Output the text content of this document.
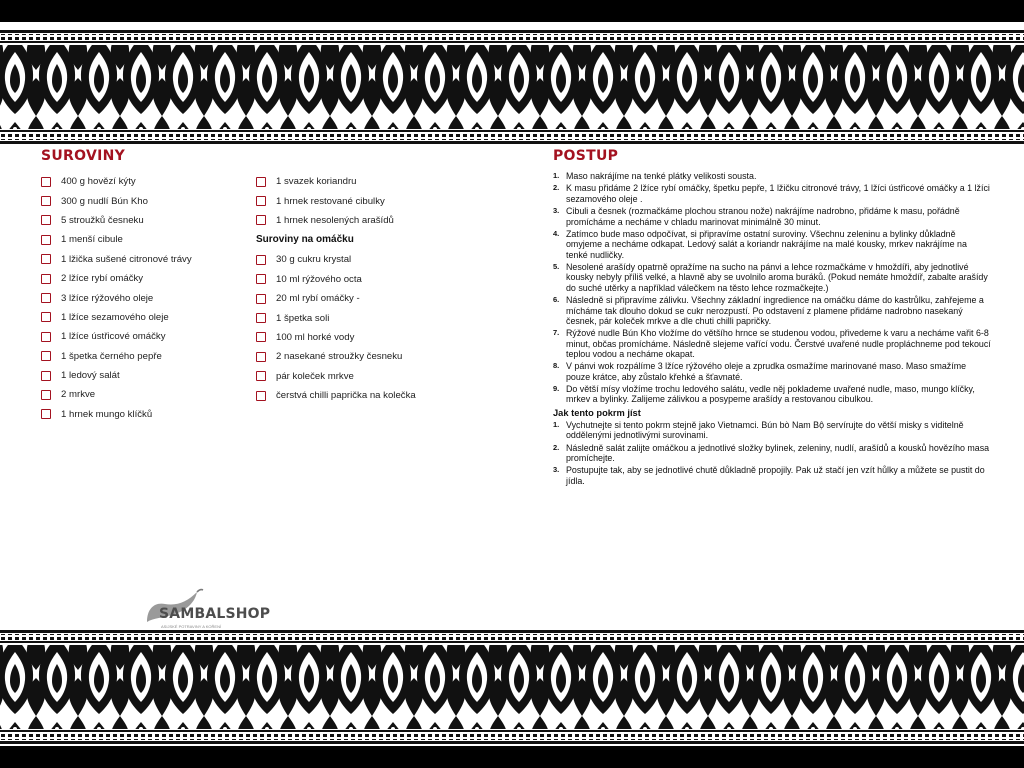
SUROVINY
400 g hovězí kýty
300 g nudlí Bún Kho
5 stroužků česneku
1 menší cibule
1 lžička sušené citronové trávy
2 lžíce rybí omáčky
3 lžíce rýžového oleje
1 lžíce sezamového oleje
1 lžíce ústřicové omáčky
1 špetka černého pepře
1 ledový salát
2 mrkve
1 hrnek mungo klíčků
1 svazek koriandru
1 hrnek restované cibulky
1 hrnek nesolených arašídů
Suroviny na omáčku
30 g cukru krystal
10 ml rýžového octa
20 ml rybí omáčky -
1 špetka soli
100 ml horké vody
2 nasekané stroužky česneku
pár koleček mrkve
čerstvá chilli paprička na kolečka
POSTUP
1. Maso nakrájíme na tenké plátky velikosti sousta.
2. K masu přidáme 2 lžíce rybí omáčky, špetku pepře, 1 lžičku citronové trávy, 1 lžíci ústřicové omáčky a 1 lžíci sezamového oleje .
3. Cibuli a česnek (rozmačkáme plochou stranou nože) nakrájíme nadrobno, přidáme k masu, pořádně promícháme a necháme v chladu marinovat minimálně 30 minut.
4. Zatímco bude maso odpočívat, si připravíme ostatní suroviny. Všechnu zeleninu a bylinky důkladně omyjeme a necháme odkapat. Ledový salát a koriandr nakrájíme na malé kousky, mrkev nakrájíme na tenké nudličky.
5. Nesolené arašídy opatrně opražíme na sucho na pánvi a lehce rozmačkáme v hmoždíři, aby jednotlivé kousky nebyly příliš velké, a hlavně aby se uvolnilo aroma buráků. (Pokud nemáte hmoždíř, zabalte arašídy do suché utěrky a například válečkem na těsto lehce rozmačkejte.)
6. Následně si připravíme zálivku. Všechny základní ingredience na omáčku dáme do kastrůlku, zahřejeme a mícháme tak dlouho dokud se cukr nerozpustí. Po odstavení z plamene přidáme nadrobno nasekaný česnek, pár koleček mrkve a dle chuti chilli papričky.
7. Rýžové nudle Bún Kho vložíme do většího hrnce se studenou vodou, přivedeme k varu a necháme vařit 6-8 minut, občas promícháme. Následně slejeme vařící vodu. Čerstvé uvařené nudle propláchneme pod tekoucí teplou vodou a necháme okapat.
8. V pánvi wok rozpálíme 3 lžíce rýžového oleje a zprudka osmažíme marinované maso. Maso smažíme pouze krátce, aby zůstalo křehké a šťavnaté.
9. Do větší mísy vložíme trochu ledového salátu, vedle něj poklademe uvařené nudle, maso, mungo klíčky, mrkev a bylinky. Zalijeme zálivkou a posypeme arašídy a restovanou cibulkou.
Jak tento pokrm jíst
1. Vychutnejte si tento pokrm stejně jako Vietnamci. Bún bò Nam Bộ servírujte do větší misky s viditelně oddělenými jednotlivými surovinami.
2. Následně salát zalijte omáčkou a jednotlivé složky bylinek, zeleniny, nudlí, arašídů a kousků hovězího masa promíchejte.
3. Postupujte tak, aby se jednotlivé chutě důkladně propojily. Pak už stačí jen vzít hůlky a můžete se pustit do jídla.
SAMBALSHOP
ASIJSKÉ POTRAVINY A KOŘENÍ
